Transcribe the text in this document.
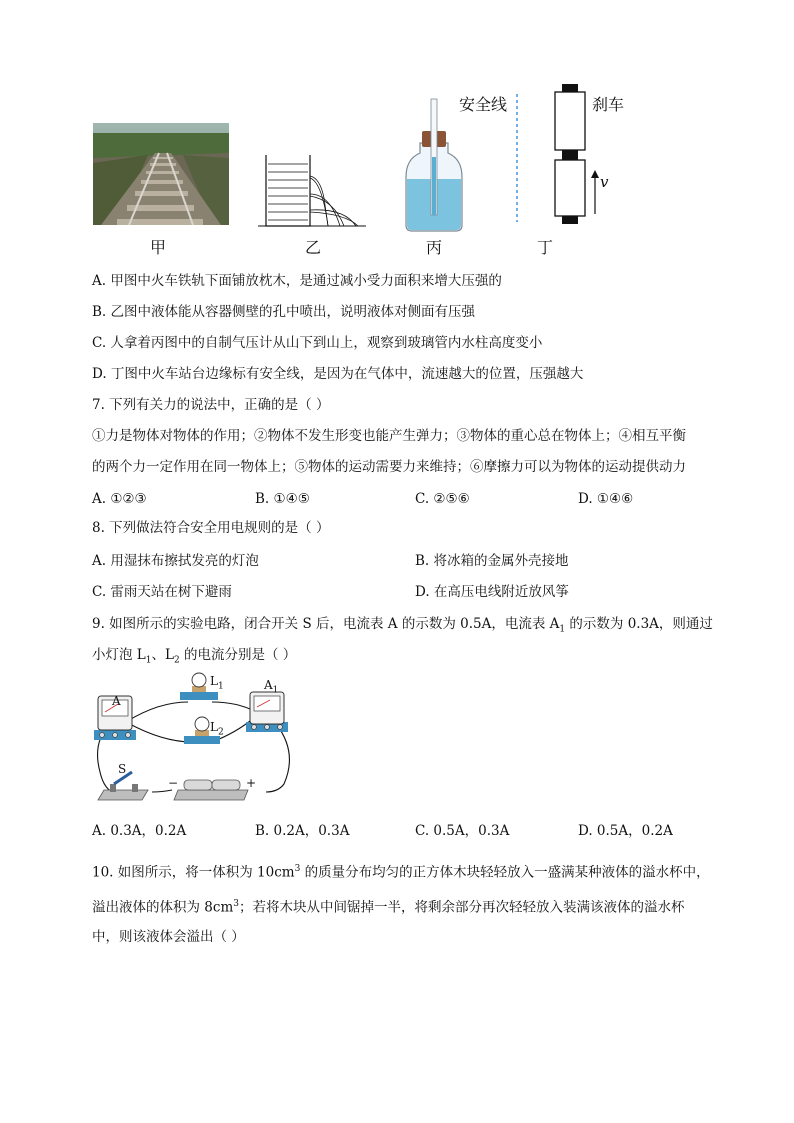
甲	乙	丙
安全线	刹车
v
丁
A. 甲图中火车铁轨下面铺放枕木，是通过减小受力面积来增大压强的
B. 乙图中液体能从容器侧壁的孔中喷出，说明液体对侧面有压强
C. 人拿着丙图中的自制气压计从山下到山上，观察到玻璃管内水柱高度变小
D. 丁图中火车站台边缘标有安全线，是因为在气体中，流速越大的位置，压强越大
7. 下列有关力的说法中，正确的是（ ）
①力是物体对物体的作用；②物体不发生形变也能产生弹力；③物体的重心总在物体上；④相互平衡
的两个力一定作用在同一物体上；⑤物体的运动需要力来维持；⑥摩擦力可以为物体的运动提供动力
A. ①②③	B. ①④⑤	C. ②⑤⑥	D. ①④⑥
8. 下列做法符合安全用电规则的是（ ）
A. 用湿抹布擦拭发亮的灯泡	B. 将冰箱的金属外壳接地
C. 雷雨天站在树下避雨	D. 在高压电线附近放风筝
9. 如图所示的实验电路，闭合开关 S 后，电流表 A 的示数为 0.5A，电流表 $A_1$ 的示数为 0.3A，则通过
小灯泡 $L_1$、$L_2$ 的电流分别是（ ）
A
$L_1$
$L_2$
$A_1$
S
−	+
A. 0.3A，0.2A	B. 0.2A，0.3A	C. 0.5A，0.3A	D. 0.5A，0.2A
10. 如图所示，将一体积为 $10cm^3$ 的质量分布均匀的正方体木块轻轻放入一盛满某种液体的溢水杯中，
溢出液体的体积为 $8cm^3$；若将木块从中间锯掉一半，将剩余部分再次轻轻放入装满该液体的溢水杯
中，则该液体会溢出（ ）
